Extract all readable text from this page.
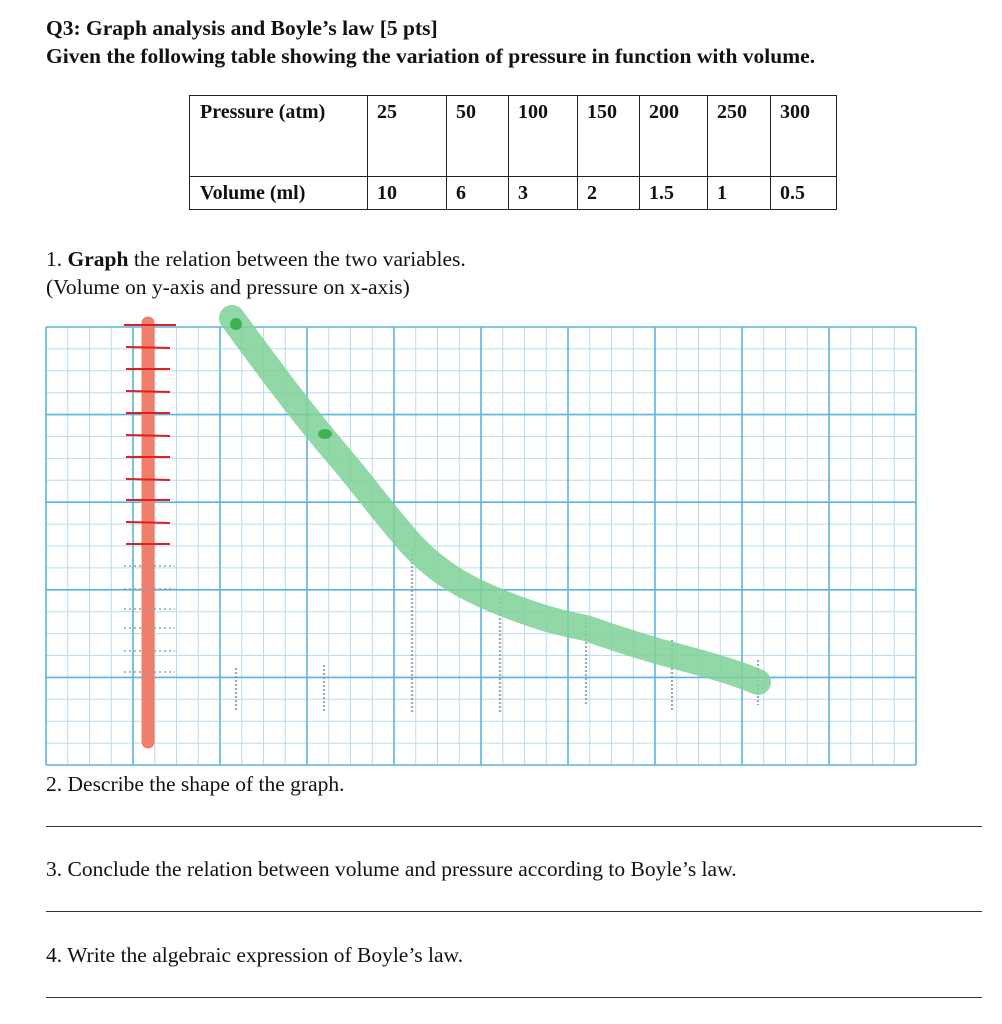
Q3: Graph analysis and Boyle’s law [5 pts]
Given the following table showing the variation of pressure in function with volume.
Pressure (atm)	25	50	100	150	200	250	300
Volume (ml)	10	6	3	2	1.5	1	0.5

1. Graph the relation between the two variables.
(Volume on y-axis and pressure on x-axis)

2. Describe the shape of the graph.

3. Conclude the relation between volume and pressure according to Boyle’s law.

4. Write the algebraic expression of Boyle’s law.
